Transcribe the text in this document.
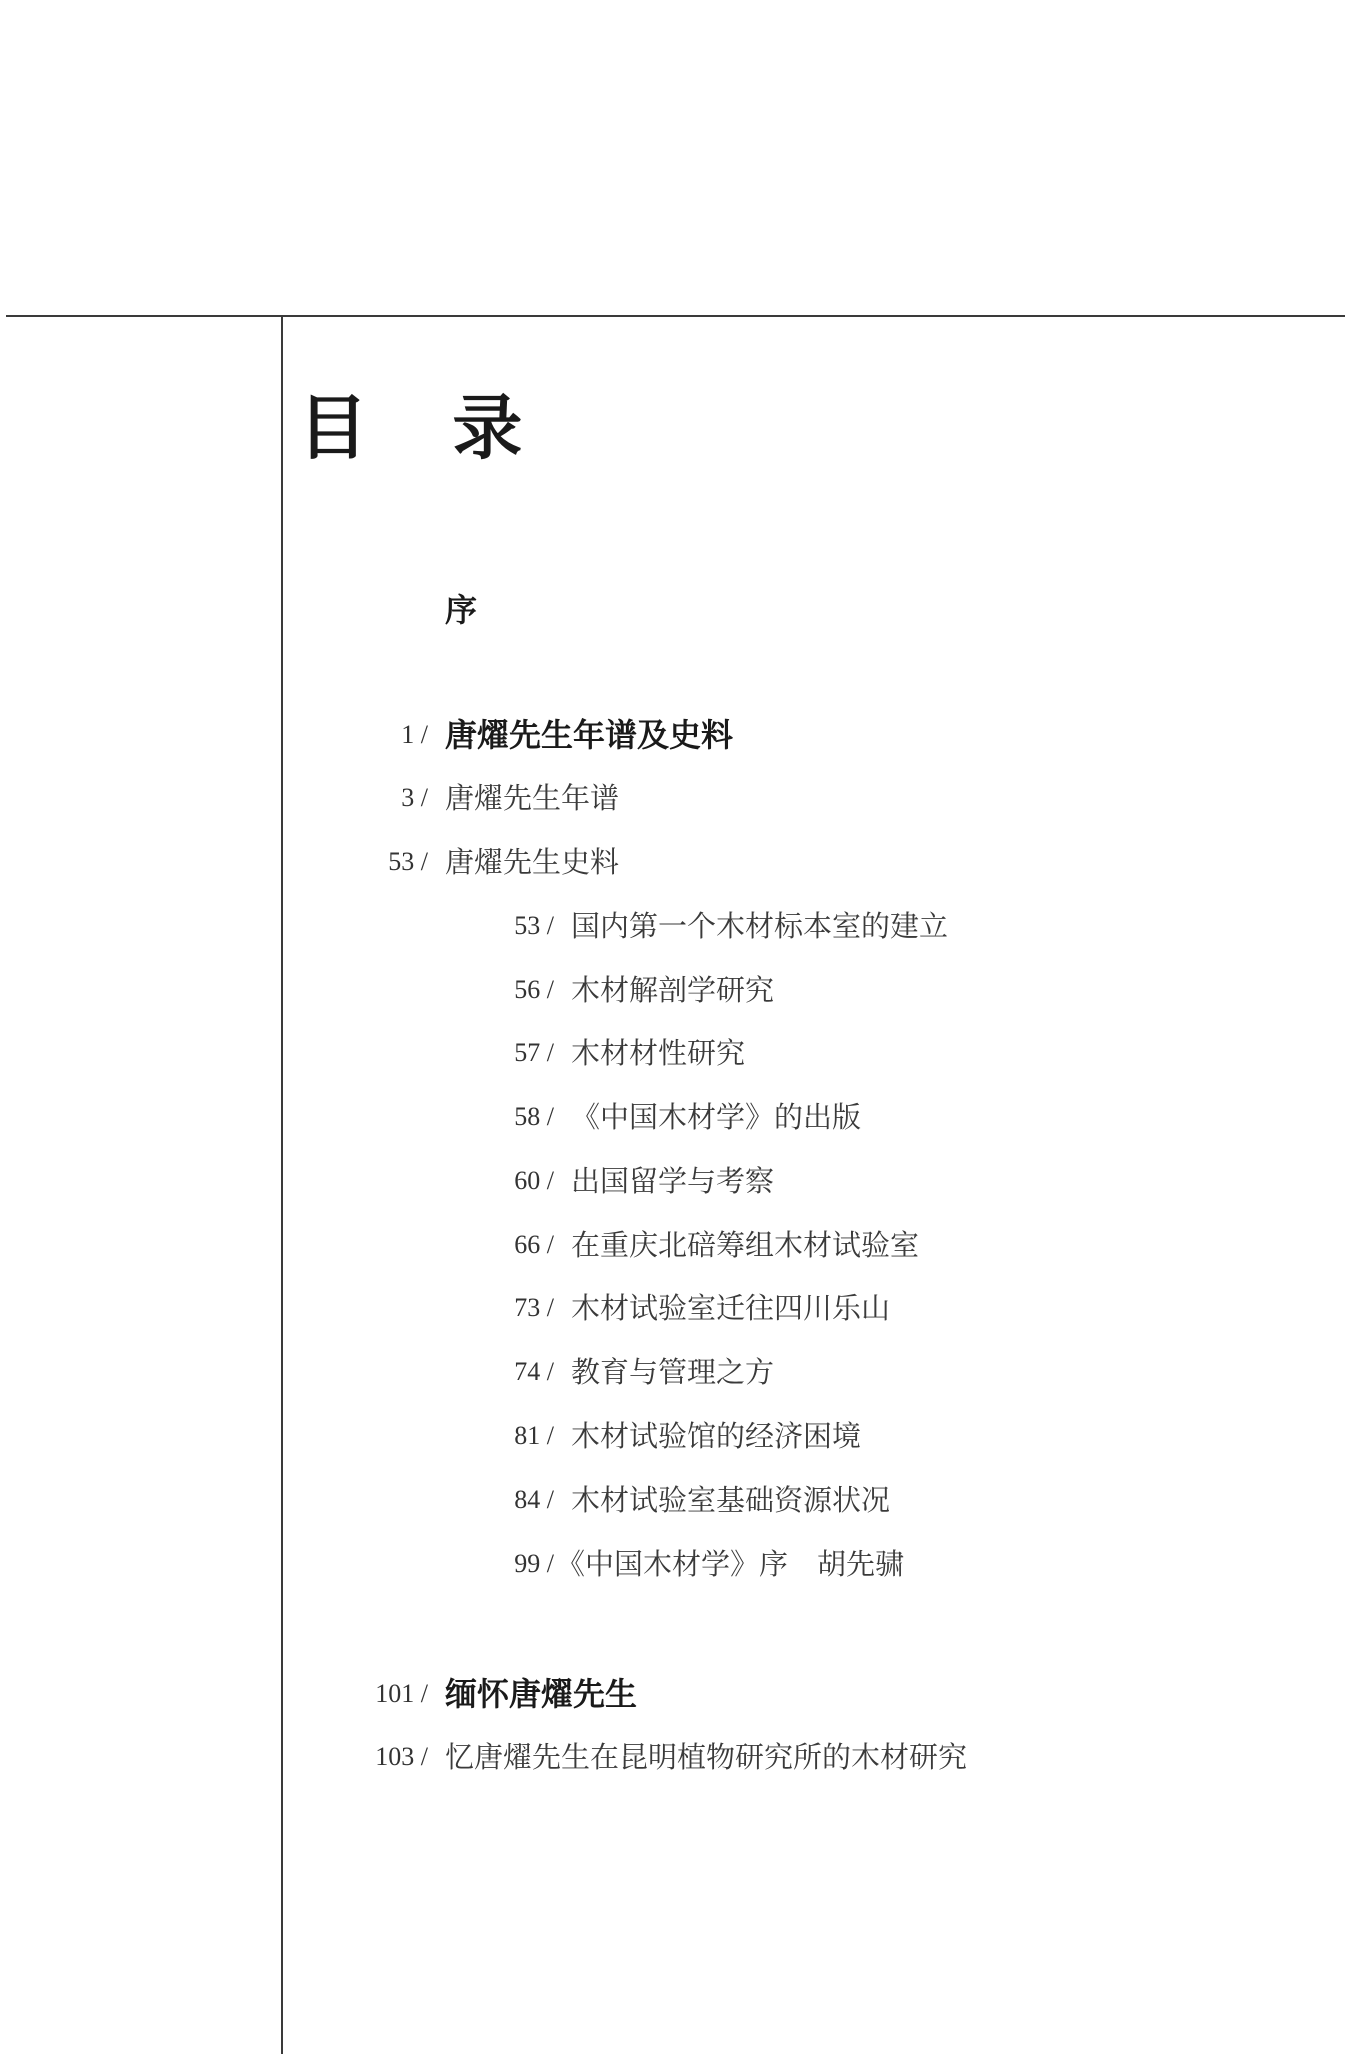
目 录
序
1 / 唐燿先生年谱及史料
3 / 唐燿先生年谱
53 / 唐燿先生史料
53 / 国内第一个木材标本室的建立
56 / 木材解剖学研究
57 / 木材材性研究
58 / 《中国木材学》的出版
60 / 出国留学与考察
66 / 在重庆北碚筹组木材试验室
73 / 木材试验室迁往四川乐山
74 / 教育与管理之方
81 / 木材试验馆的经济困境
84 / 木材试验室基础资源状况
99 / 《中国木材学》序　胡先骕
101 / 缅怀唐燿先生
103 / 忆唐燿先生在昆明植物研究所的木材研究
